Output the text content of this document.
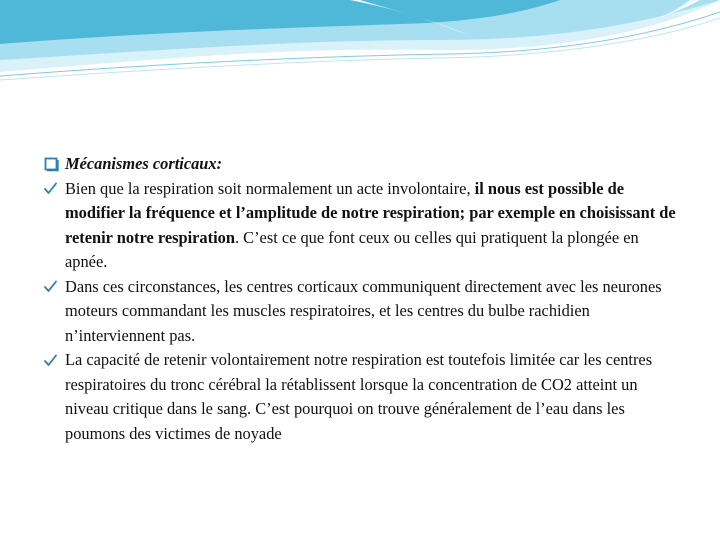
Mécanismes corticaux:
Bien que la respiration soit normalement un acte involontaire, il nous est possible de modifier la fréquence et l’amplitude de notre respiration; par exemple en choisissant de retenir notre respiration. C’est ce que font ceux ou celles qui pratiquent la plongée en apnée.
Dans ces circonstances, les centres corticaux communiquent directement avec les neurones moteurs commandant les muscles respiratoires, et les centres du bulbe rachidien n’interviennent pas.
La capacité de retenir volontairement notre respiration est toutefois limitée car les centres respiratoires du tronc cérébral la rétablissent lorsque la concentration de CO2 atteint un niveau critique dans le sang. C’est pourquoi on trouve généralement de l’eau dans les poumons des victimes de noyade
